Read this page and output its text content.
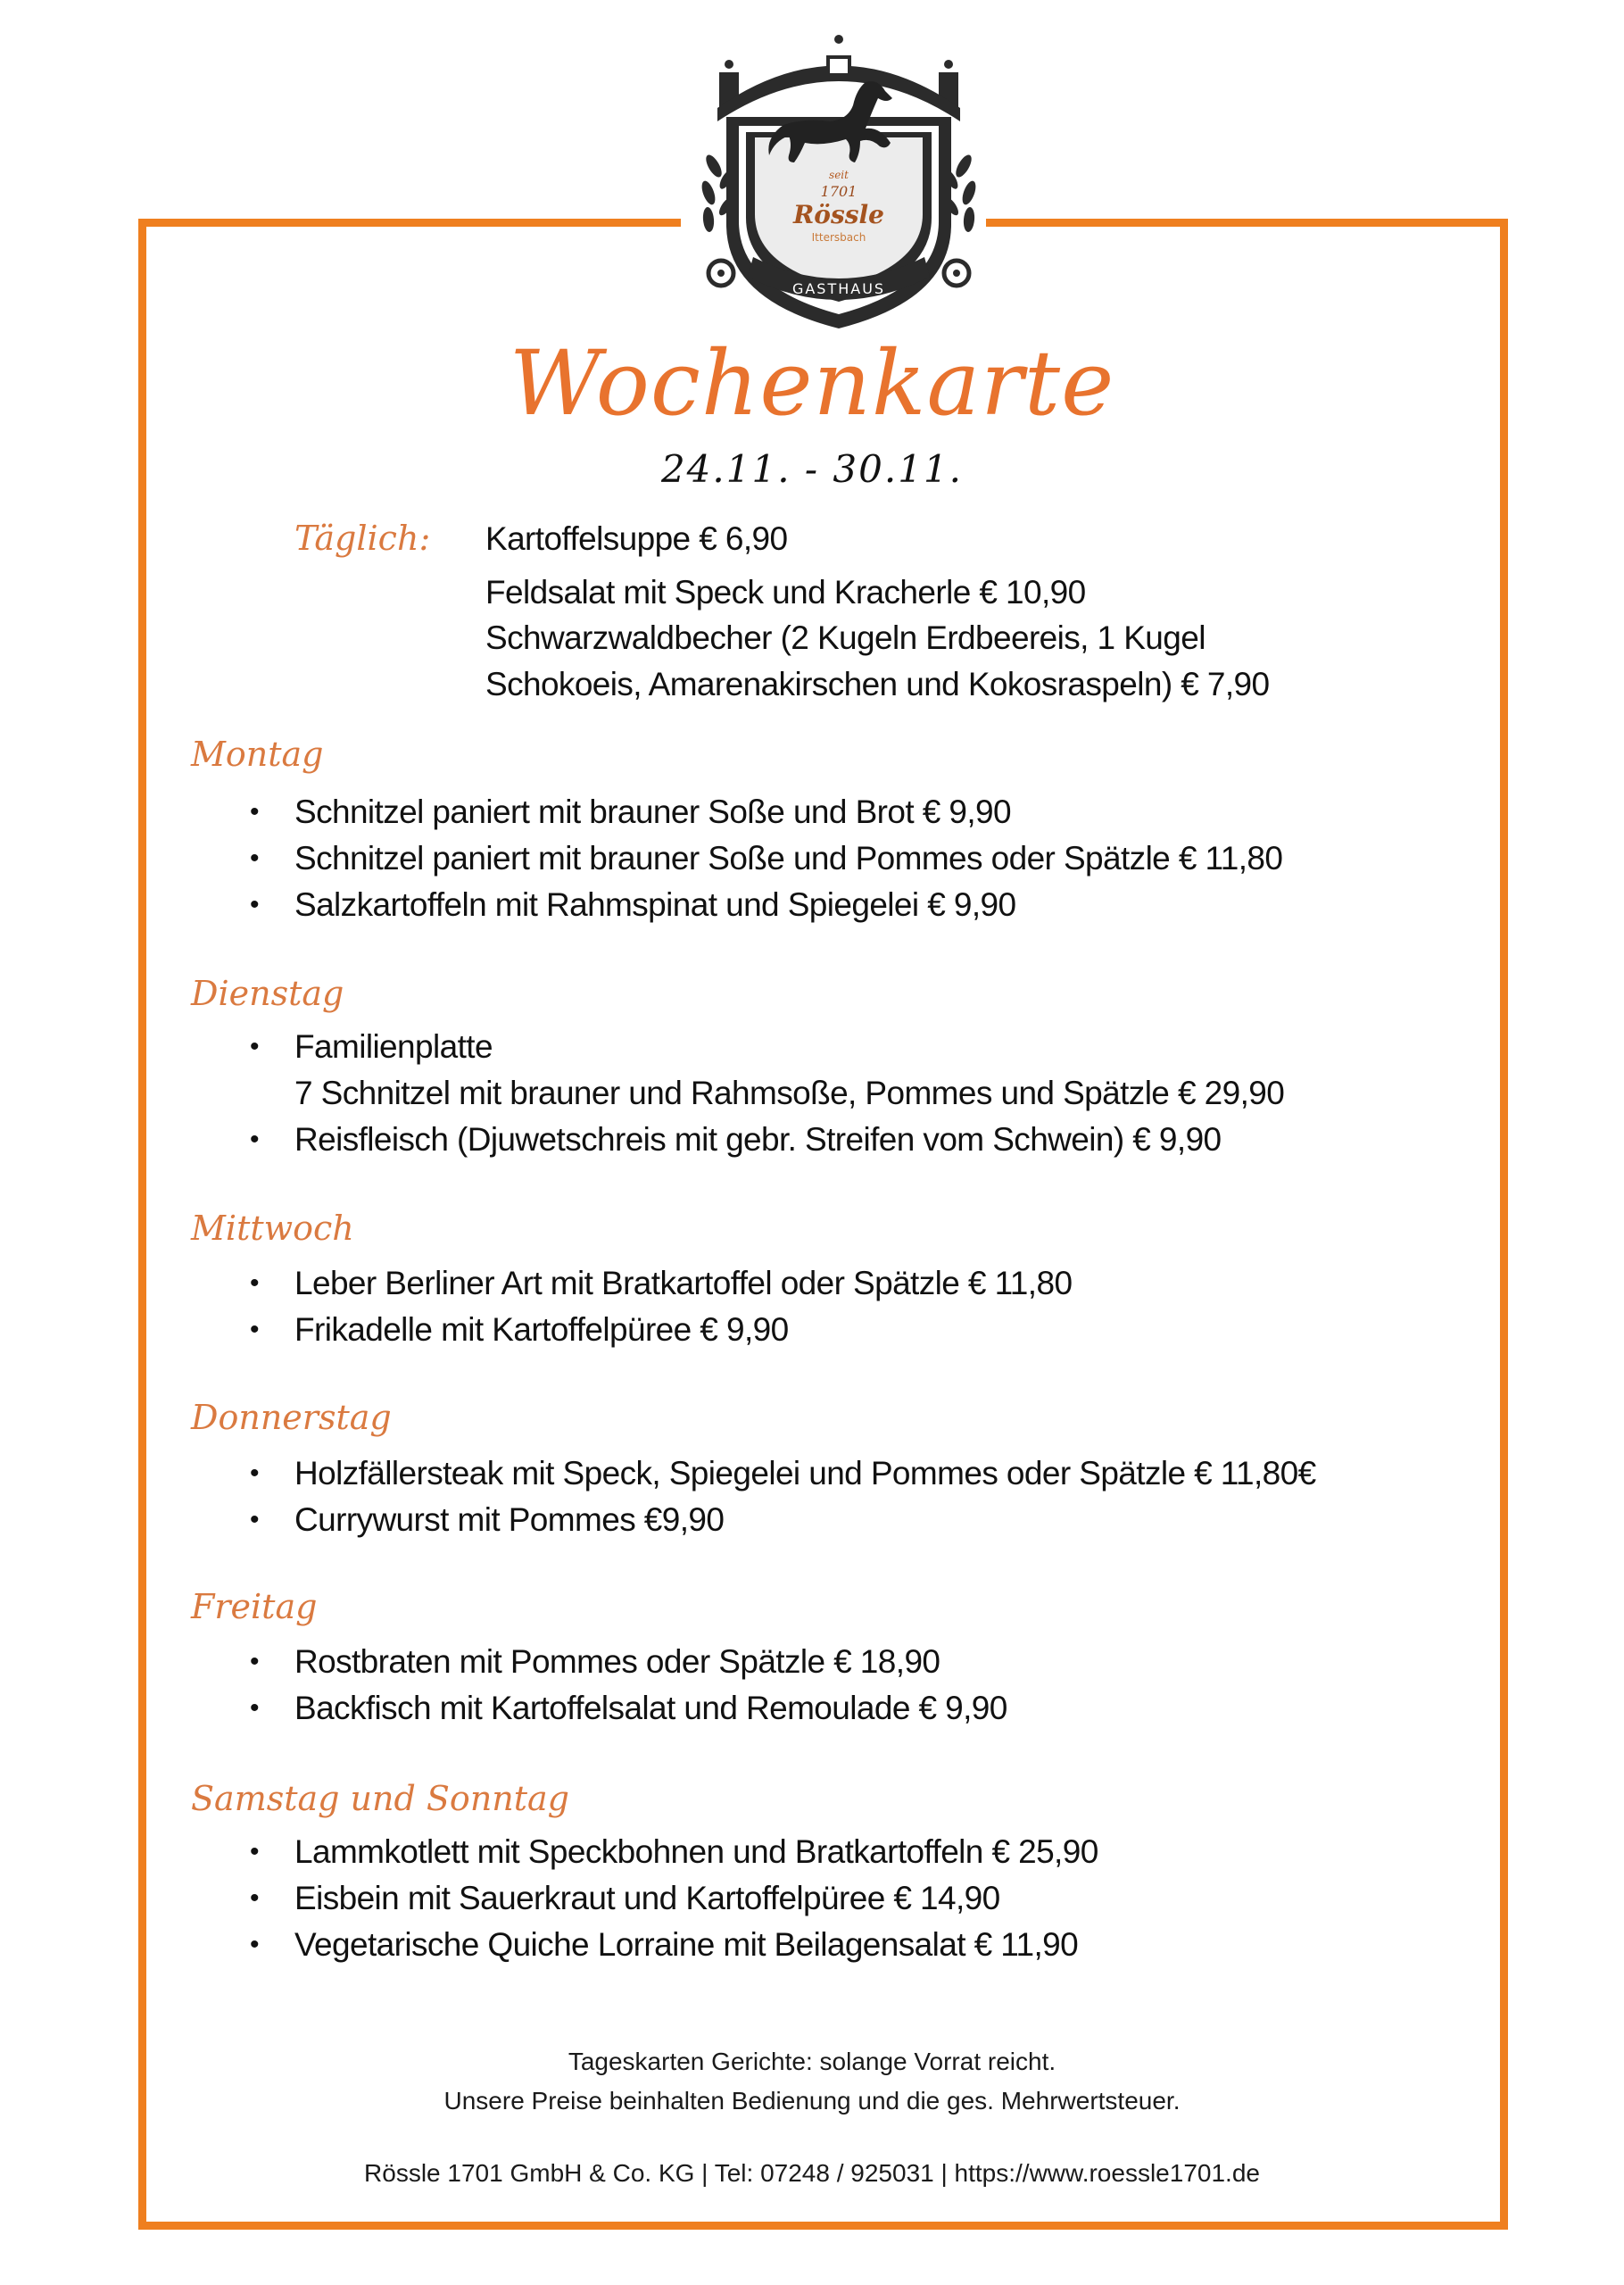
seit
1701
Rössle
Ittersbach
GASTHAUS
Wochenkarte
24.11. - 30.11.
Täglich: Kartoffelsuppe € 6,90
Feldsalat mit Speck und Kracherle € 10,90
Schwarzwaldbecher (2 Kugeln Erdbeereis, 1 Kugel
Schokoeis, Amarenakirschen und Kokosraspeln) € 7,90
Montag
• Schnitzel paniert mit brauner Soße und Brot € 9,90
• Schnitzel paniert mit brauner Soße und Pommes oder Spätzle € 11,80
• Salzkartoffeln mit Rahmspinat und Spiegelei € 9,90
Dienstag
• Familienplatte
7 Schnitzel mit brauner und Rahmsoße, Pommes und Spätzle € 29,90
• Reisfleisch (Djuwetschreis mit gebr. Streifen vom Schwein) € 9,90
Mittwoch
• Leber Berliner Art mit Bratkartoffel oder Spätzle € 11,80
• Frikadelle mit Kartoffelpüree € 9,90
Donnerstag
• Holzfällersteak mit Speck, Spiegelei und Pommes oder Spätzle € 11,80€
• Currywurst mit Pommes €9,90
Freitag
• Rostbraten mit Pommes oder Spätzle € 18,90
• Backfisch mit Kartoffelsalat und Remoulade € 9,90
Samstag und Sonntag
• Lammkotlett mit Speckbohnen und Bratkartoffeln € 25,90
• Eisbein mit Sauerkraut und Kartoffelpüree € 14,90
• Vegetarische Quiche Lorraine mit Beilagensalat € 11,90
Tageskarten Gerichte: solange Vorrat reicht.
Unsere Preise beinhalten Bedienung und die ges. Mehrwertsteuer.
Rössle 1701 GmbH & Co. KG | Tel: 07248 / 925031 | https://www.roessle1701.de
